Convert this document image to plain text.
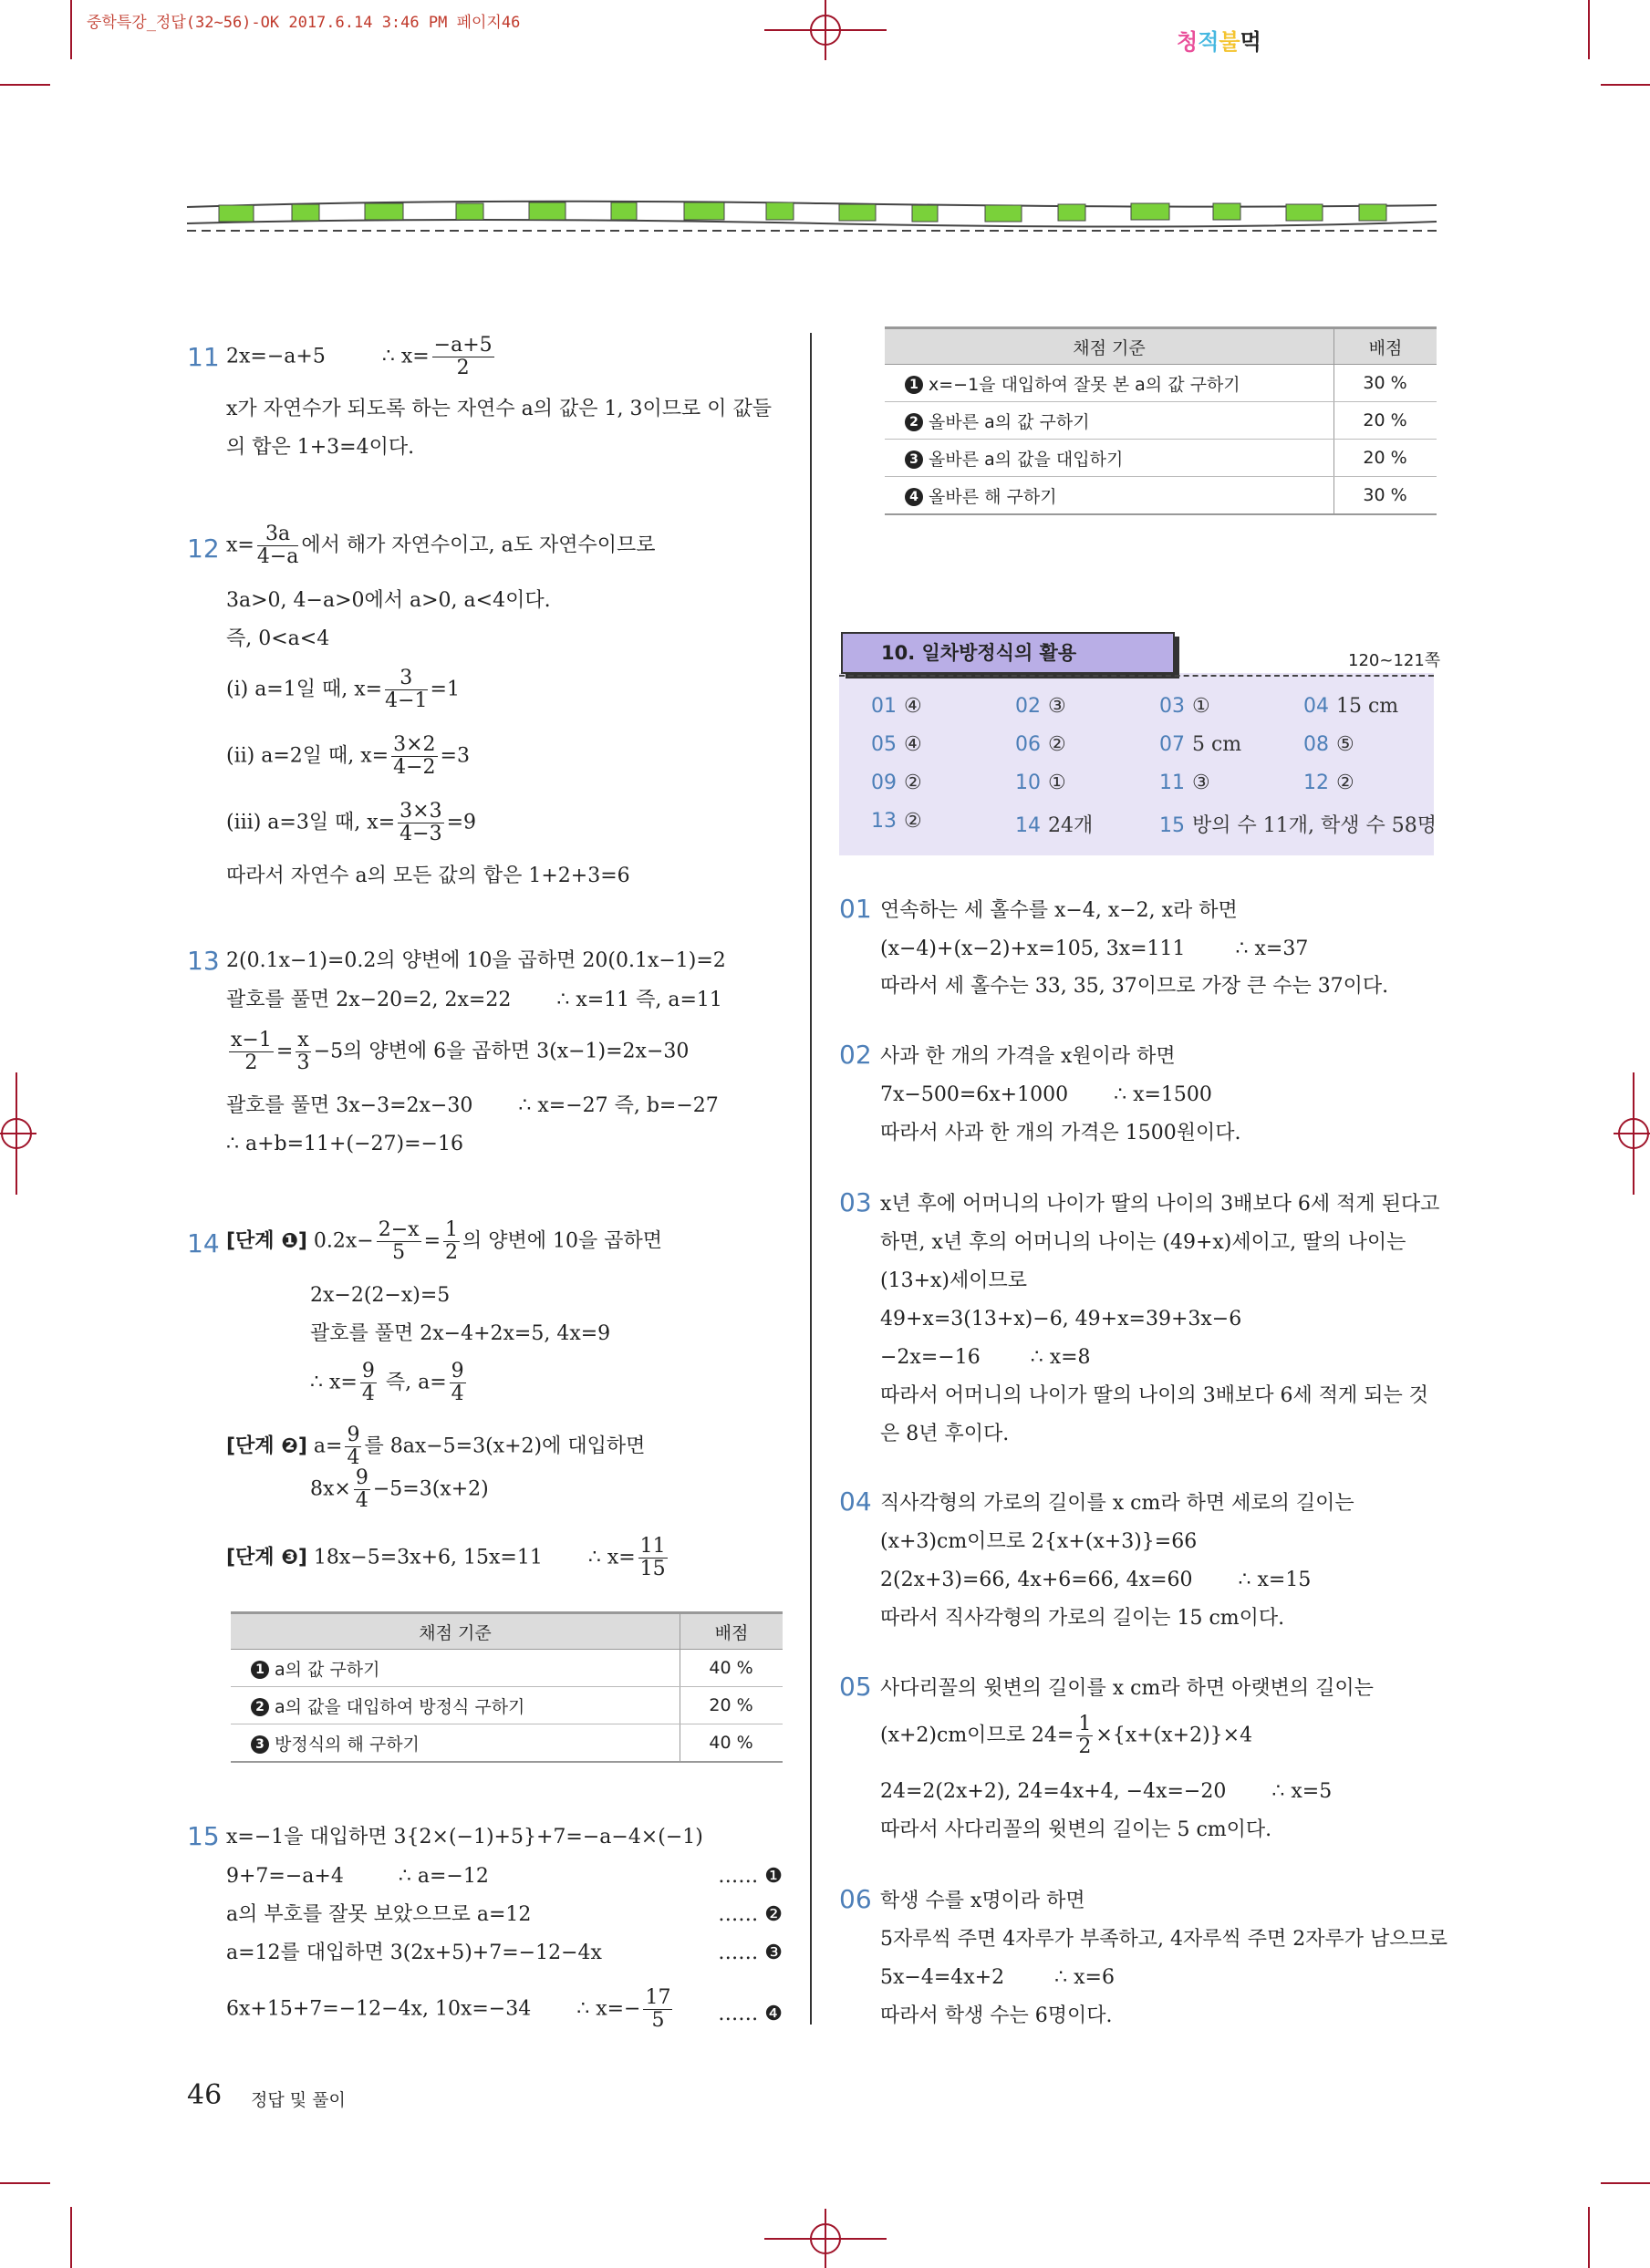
중학특강_정답(32~56)-OK 2017.6.14 3:46 PM 페이지46
청적불먹
11 2x=−a+5	∴ $x= \frac{-a+5}{2}$
x가 자연수가 되도록 하는 자연수 a의 값은 1, 3이므로 이 값들
의 합은 1+3=4이다.
12 $x= \frac{3a}{4-a}$ 에서 해가 자연수이고, a도 자연수이므로
3a>0, 4−a>0에서 a>0, a<4이다.
즉, 0<a<4
(ⅰ) a=1일 때, $x= \frac{3}{4-1} =1$
(ⅱ) a=2일 때, $x= \frac{3\times 2}{4-2} =3$
(ⅲ) a=3일 때, $x= \frac{3\times 3}{4-3} =9$
따라서 자연수 a의 모든 값의 합은 1+2+3=6
13 2(0.1x−1)=0.2의 양변에 10을 곱하면 20(0.1x−1)=2
괄호를 풀면 2x−20=2, 2x=22 ∴ x=11 즉, a=11
$\frac{x-1}{2} = \frac{x}{3} -5$의 양변에 6을 곱하면 3(x−1)=2x−30
괄호를 풀면 3x−3=2x−30 ∴ x=−27 즉, b=−27
∴ a+b=11+(−27)=−16
14 [단계 ❶] $0.2x- \frac{2-x}{5} = \frac{1}{2}$ 의 양변에 10을 곱하면
2x−2(2−x)=5
괄호를 풀면 2x−4+2x=5, 4x=9
∴ $x= \frac{9}{4}$ 즉, $a= \frac{9}{4}$
[단계 ❷] $a= \frac{9}{4}$ 를 8ax−5=3(x+2)에 대입하면
$8x\times \frac{9}{4} -5=3(x+2)$
[단계 ❸] 18x−5=3x+6, 15x=11 ∴ $x= \frac{11}{15}$
채점 기준	배점
1 a의 값 구하기	40 %
2 a의 값을 대입하여 방정식 구하기	20 %
3 방정식의 해 구하기	40 %
15 x=−1을 대입하면 3{2×(−1)+5}+7=−a−4×(−1)
9+7=−a+4	∴ a=−12	…… ❶
a의 부호를 잘못 보았으므로 a=12	…… ❷
a=12를 대입하면 3(2x+5)+7=−12−4x	…… ❸
6x+15+7=−12−4x, 10x=−34 ∴ $x=- \frac{17}{5}$ …… ❹
46 정답 및 풀이
채점 기준	배점
1 x=−1을 대입하여 잘못 본 a의 값 구하기	30 %
2 올바른 a의 값 구하기	20 %
3 올바른 a의 값을 대입하기	20 %
4 올바른 해 구하기	30 %
10. 일차방정식의 활용	120~121쪽
01 ④	02 ③	03 ①	04 15 cm
05 ④	06 ②	07 5 cm	08 ⑤
09 ②	10 ①	11 ③	12 ②
13 ②	14 24개	15 방의 수 11개, 학생 수 58명
01 연속하는 세 홀수를 x−4, x−2, x라 하면
(x−4)+(x−2)+x=105, 3x=111	∴ x=37
따라서 세 홀수는 33, 35, 37이므로 가장 큰 수는 37이다.
02 사과 한 개의 가격을 x원이라 하면
7x−500=6x+1000 ∴ x=1500
따라서 사과 한 개의 가격은 1500원이다.
03 x년 후에 어머니의 나이가 딸의 나이의 3배보다 6세 적게 된다고
하면, x년 후의 어머니의 나이는 (49+x)세이고, 딸의 나이는
(13+x)세이므로
49+x=3(13+x)−6, 49+x=39+3x−6
−2x=−16	∴ x=8
따라서 어머니의 나이가 딸의 나이의 3배보다 6세 적게 되는 것
은 8년 후이다.
04 직사각형의 가로의 길이를 x cm라 하면 세로의 길이는
(x+3)cm이므로 2{x+(x+3)}=66
2(2x+3)=66, 4x+6=66, 4x=60 ∴ x=15
따라서 직사각형의 가로의 길이는 15 cm이다.
05 사다리꼴의 윗변의 길이를 x cm라 하면 아랫변의 길이는
(x+2)cm이므로 $24= \frac{1}{2} \times\{x+(x+2)\}\times 4$
24=2(2x+2), 24=4x+4, −4x=−20 ∴ x=5
따라서 사다리꼴의 윗변의 길이는 5 cm이다.
06 학생 수를 x명이라 하면
5자루씩 주면 4자루가 부족하고, 4자루씩 주면 2자루가 남으므로
5x−4=4x+2	∴ x=6
따라서 학생 수는 6명이다.
